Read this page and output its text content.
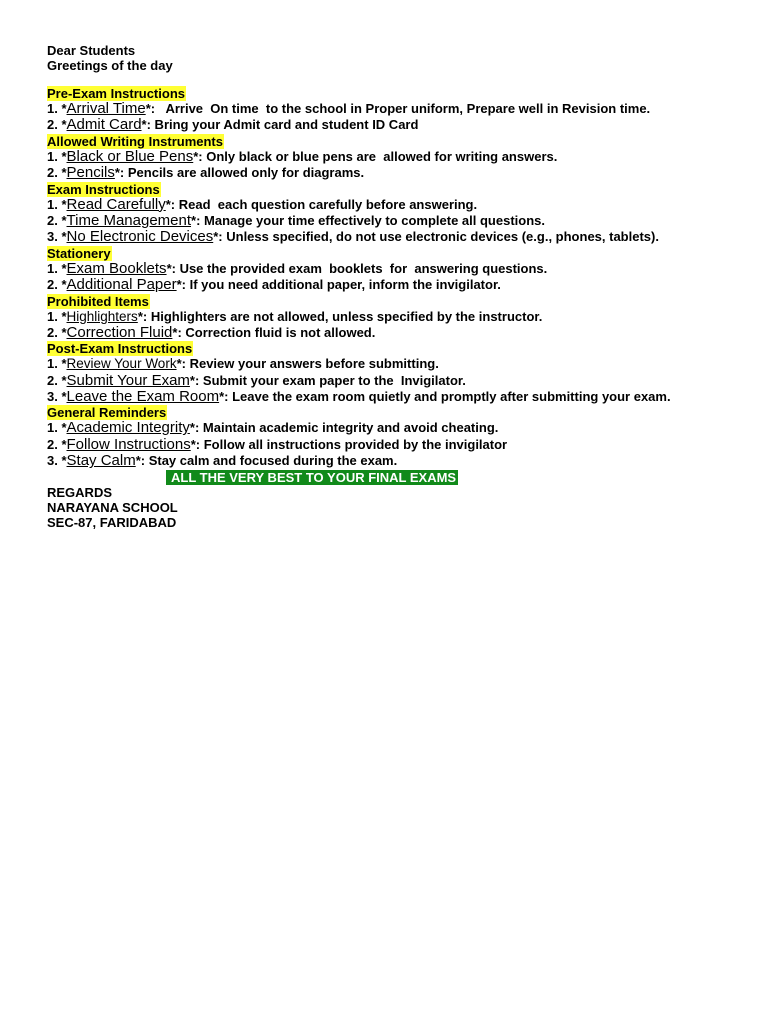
Dear Students
Greetings of the day
Pre-Exam Instructions
1. *Arrival Time*:   Arrive  On time  to the school in Proper uniform, Prepare well in Revision time.
2. *Admit Card*: Bring your Admit card and student ID Card
Allowed Writing Instruments
1. *Black or Blue Pens*: Only black or blue pens are  allowed for writing answers.
2. *Pencils*: Pencils are allowed only for diagrams.
Exam Instructions
1. *Read Carefully*: Read  each question carefully before answering.
2. *Time Management*: Manage your time effectively to complete all questions.
3. *No Electronic Devices*: Unless specified, do not use electronic devices (e.g., phones, tablets).
Stationery
1. *Exam Booklets*: Use the provided exam  booklets  for  answering questions.
2. *Additional Paper*: If you need additional paper, inform the invigilator.
Prohibited Items
1. *Highlighters*: Highlighters are not allowed, unless specified by the instructor.
2. *Correction Fluid*: Correction fluid is not allowed.
Post-Exam Instructions
1. *Review Your Work*: Review your answers before submitting.
2. *Submit Your Exam*: Submit your exam paper to the  Invigilator.
3. *Leave the Exam Room*: Leave the exam room quietly and promptly after submitting your exam.
General Reminders
1. *Academic Integrity*: Maintain academic integrity and avoid cheating.
2. *Follow Instructions*: Follow all instructions provided by the invigilator
3. *Stay Calm*: Stay calm and focused during the exam.
ALL THE VERY BEST TO YOUR FINAL EXAMS
REGARDS
NARAYANA SCHOOL
SEC-87, FARIDABAD
